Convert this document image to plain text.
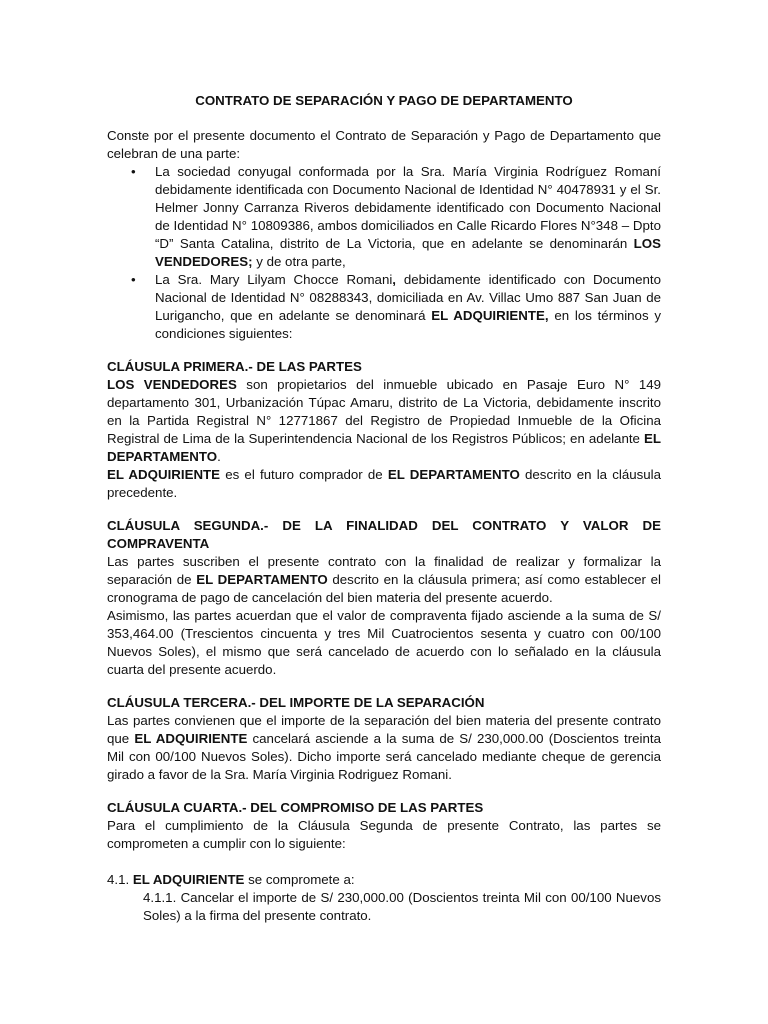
CONTRATO DE SEPARACIÓN Y PAGO DE DEPARTAMENTO

Conste por el presente documento el Contrato de Separación y Pago de Departamento que celebran de una parte:

• La sociedad conyugal conformada por la Sra. María Virginia Rodríguez Romaní debidamente identificada con Documento Nacional de Identidad N° 40478931 y el Sr. Helmer Jonny Carranza Riveros debidamente identificado con Documento Nacional de Identidad N° 10809386, ambos domiciliados en Calle Ricardo Flores N°348 – Dpto “D” Santa Catalina, distrito de La Victoria, que en adelante se denominarán LOS VENDEDORES; y de otra parte,
• La Sra. Mary Lilyam Chocce Romani, debidamente identificado con Documento Nacional de Identidad N° 08288343, domiciliada en Av. Villac Umo 887 San Juan de Lurigancho, que en adelante se denominará EL ADQUIRIENTE, en los términos y condiciones siguientes:

CLÁUSULA PRIMERA.- DE LAS PARTES

LOS VENDEDORES son propietarios del inmueble ubicado en Pasaje Euro N° 149 departamento 301, Urbanización Túpac Amaru, distrito de La Victoria, debidamente inscrito en la Partida Registral N° 12771867 del Registro de Propiedad Inmueble de la Oficina Registral de Lima de la Superintendencia Nacional de los Registros Públicos; en adelante EL DEPARTAMENTO.

EL ADQUIRIENTE es el futuro comprador de EL DEPARTAMENTO descrito en la cláusula precedente.

CLÁUSULA SEGUNDA.- DE LA FINALIDAD DEL CONTRATO Y VALOR DE COMPRAVENTA

Las partes suscriben el presente contrato con la finalidad de realizar y formalizar la separación de EL DEPARTAMENTO descrito en la cláusula primera; así como establecer el cronograma de pago de cancelación del bien materia del presente acuerdo.

Asimismo, las partes acuerdan que el valor de compraventa fijado asciende a la suma de S/ 353,464.00 (Trescientos cincuenta y tres Mil Cuatrocientos sesenta y cuatro con 00/100 Nuevos Soles), el mismo que será cancelado de acuerdo con lo señalado en la cláusula cuarta del presente acuerdo.

CLÁUSULA TERCERA.- DEL IMPORTE DE LA SEPARACIÓN

Las partes convienen que el importe de la separación del bien materia del presente contrato que EL ADQUIRIENTE cancelará asciende a la suma de S/ 230,000.00 (Doscientos treinta Mil con 00/100 Nuevos Soles). Dicho importe será cancelado mediante cheque de gerencia girado a favor de la Sra. María Virginia Rodriguez Romani.

CLÁUSULA CUARTA.- DEL COMPROMISO DE LAS PARTES

Para el cumplimiento de la Cláusula Segunda de presente Contrato, las partes se comprometen a cumplir con lo siguiente:

4.1. EL ADQUIRIENTE se compromete a:

4.1.1. Cancelar el importe de S/ 230,000.00 (Doscientos treinta Mil con 00/100 Nuevos Soles) a la firma del presente contrato.
